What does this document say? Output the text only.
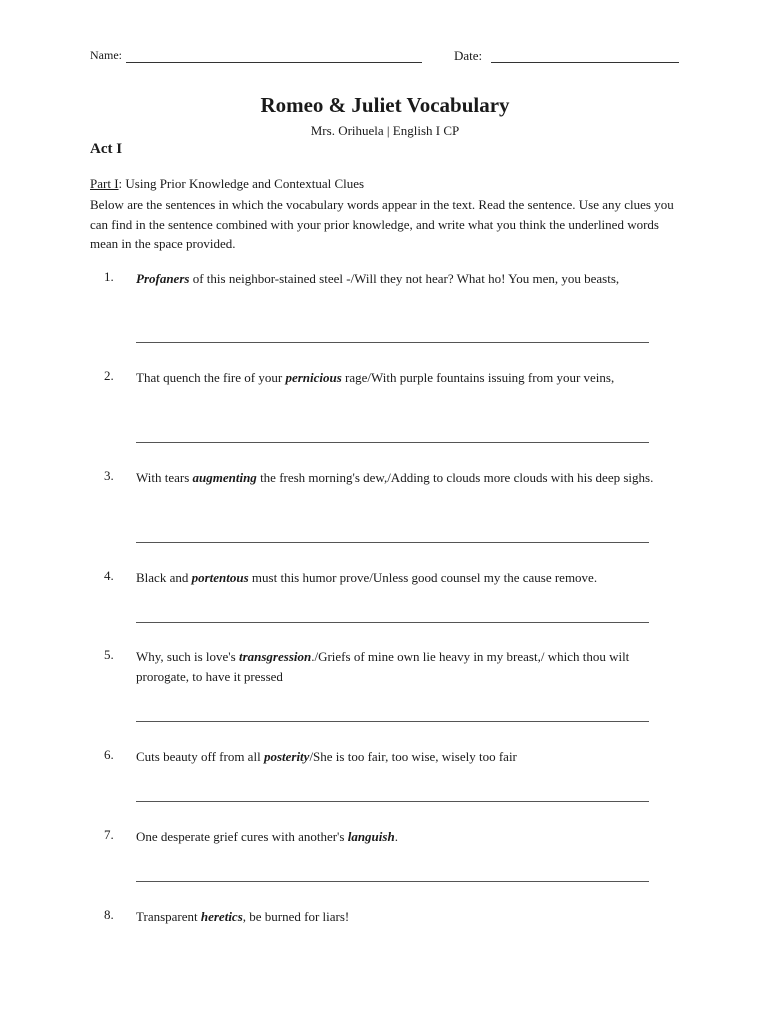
Name:	Date:
Romeo & Juliet Vocabulary
Mrs. Orihuela | English I CP
Act I
Part I: Using Prior Knowledge and Contextual Clues
Below are the sentences in which the vocabulary words appear in the text. Read the sentence. Use any clues you can find in the sentence combined with your prior knowledge, and write what you think the underlined words mean in the space provided.
1. Profaners of this neighbor-stained steel -/Will they not hear? What ho! You men, you beasts,
2. That quench the fire of your pernicious rage/With purple fountains issuing from your veins,
3. With tears augmenting the fresh morning's dew,/Adding to clouds more clouds with his deep sighs.
4. Black and portentous must this humor prove/Unless good counsel my the cause remove.
5. Why, such is love's transgression./Griefs of mine own lie heavy in my breast,/ which thou wilt prorogate, to have it pressed
6. Cuts beauty off from all posterity/She is too fair, too wise, wisely too fair
7. One desperate grief cures with another's languish.
8. Transparent heretics, be burned for liars!
